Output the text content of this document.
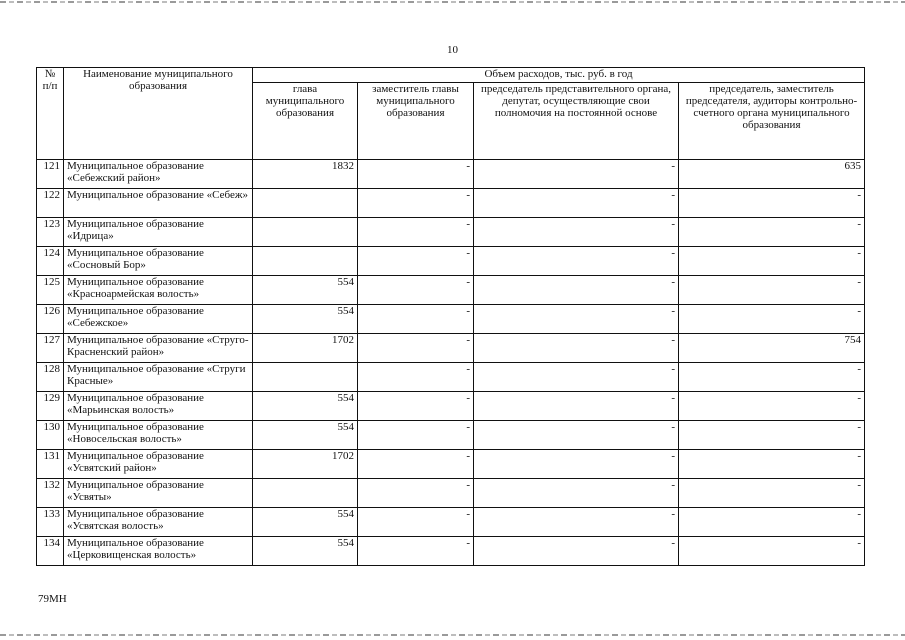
10
№ п/п	Наименование муниципального образования	Объем расходов, тыс. руб. в год			
		глава муниципального образования	заместитель главы муниципального образования	председатель представительного органа, депутат, осуществляющие свои полномочия на постоянной основе	председатель, заместитель председателя, аудиторы контрольно-счетного органа муниципального образования
121	Муниципальное образование «Себежский район»	1832	-	-	635
122	Муниципальное образование «Себеж»		-	-	-
123	Муниципальное образование «Идрица»		-	-	-
124	Муниципальное образование «Сосновый Бор»		-	-	-
125	Муниципальное образование «Красноармейская волость»	554	-	-	-
126	Муниципальное образование «Себежское»	554	-	-	-
127	Муниципальное образование «Струго-Красненский район»	1702	-	-	754
128	Муниципальное образование «Струги Красные»		-	-	-
129	Муниципальное образование «Марьинская волость»	554	-	-	-
130	Муниципальное образование «Новосельская волость»	554	-	-	-
131	Муниципальное образование «Усвятский район»	1702	-	-	-
132	Муниципальное образование «Усвяты»		-	-	-
133	Муниципальное образование «Усвятская волость»	554	-	-	-
134	Муниципальное образование «Церковищенская волость»	554	-	-	-
79МН
